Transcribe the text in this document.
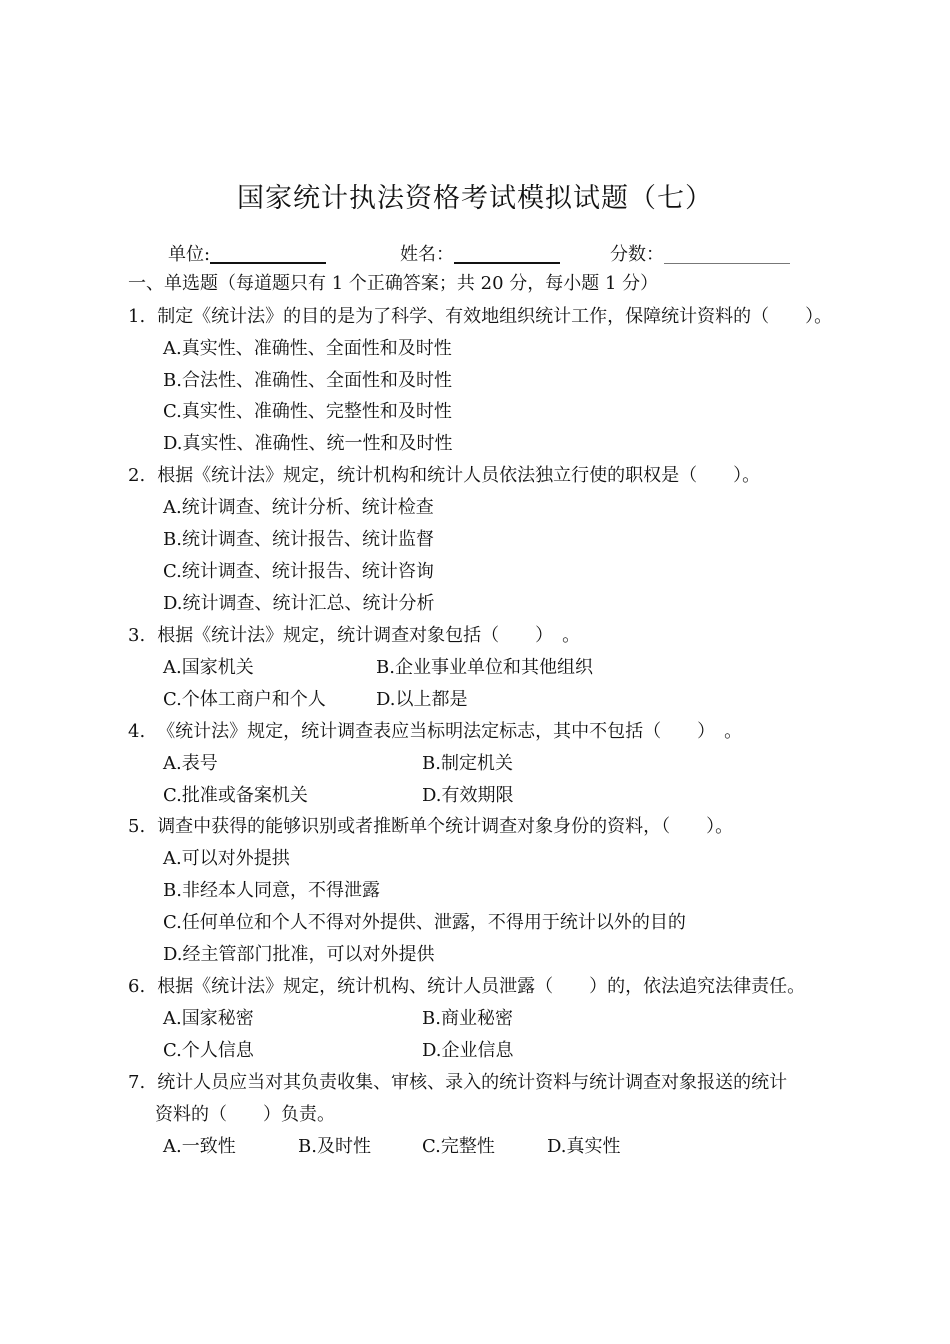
国家统计执法资格考试模拟试题（七）
单位:	姓名：	分数：
一、单选题（每道题只有 1 个正确答案；共 20 分，每小题 1 分）
1. 制定《统计法》的目的是为了科学、有效地组织统计工作，保障统计资料的（　　）。
A.真实性、准确性、全面性和及时性
B.合法性、准确性、全面性和及时性
C.真实性、准确性、完整性和及时性
D.真实性、准确性、统一性和及时性
2. 根据《统计法》规定，统计机构和统计人员依法独立行使的职权是（　　）。
A.统计调查、统计分析、统计检查
B.统计调查、统计报告、统计监督
C.统计调查、统计报告、统计咨询
D.统计调查、统计汇总、统计分析
3. 根据《统计法》规定，统计调查对象包括（　　）　。
A.国家机关	B.企业事业单位和其他组织
C.个体工商户和个人	D.以上都是
4. 《统计法》规定，统计调查表应当标明法定标志，其中不包括（　　）　。
A.表号	B.制定机关
C.批准或备案机关	D.有效期限
5. 调查中获得的能够识别或者推断单个统计调查对象身份的资料，（　　）。
A.可以对外提拱
B.非经本人同意，不得泄露
C.任何单位和个人不得对外提供、泄露，不得用于统计以外的目的
D.经主管部门批准，可以对外提供
6. 根据《统计法》规定，统计机构、统计人员泄露（　　）的，依法追究法律责任。
A.国家秘密	B.商业秘密
C.个人信息	D.企业信息
7. 统计人员应当对其负责收集、审核、录入的统计资料与统计调查对象报送的统计
资料的（　　）负责。
A.一致性	B.及时性	C.完整性	D.真实性
